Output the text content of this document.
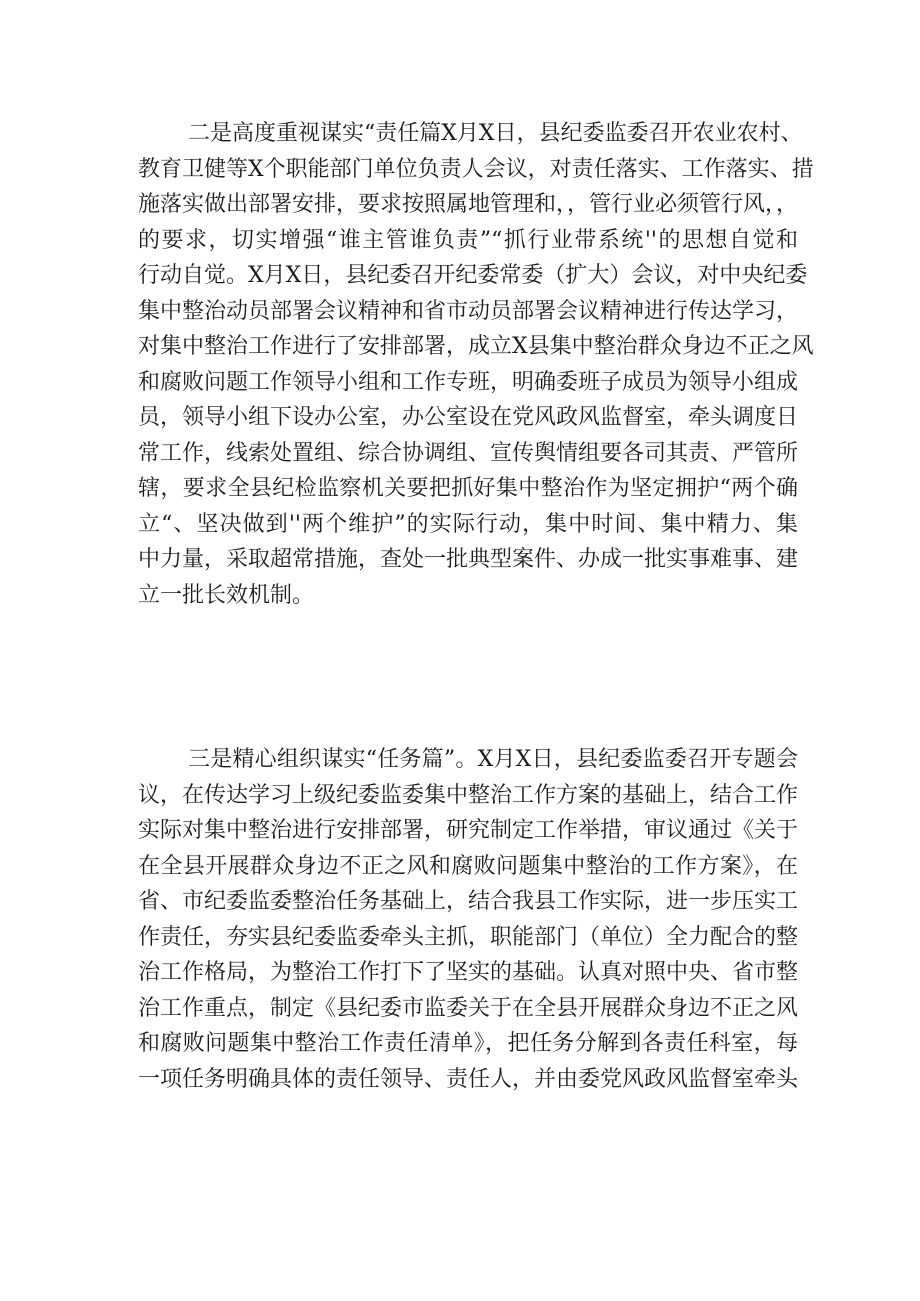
二是高度重视谋实“责任篇X月X日，县纪委监委召开农业农村、
教育卫健等X个职能部门单位负责人会议，对责任落实、工作落实、措
施落实做出部署安排，要求按照属地管理和，，管行业必须管行风，，
的要求，切实增强“谁主管谁负责”“抓行业带系统''的思想自觉和
行动自觉。X月X日，县纪委召开纪委常委（扩大）会议，对中央纪委
集中整治动员部署会议精神和省市动员部署会议精神进行传达学习，
对集中整治工作进行了安排部署，成立X县集中整治群众身边不正之风
和腐败问题工作领导小组和工作专班，明确委班子成员为领导小组成
员，领导小组下设办公室，办公室设在党风政风监督室，牵头调度日
常工作，线索处置组、综合协调组、宣传舆情组要各司其责、严管所
辖，要求全县纪检监察机关要把抓好集中整治作为坚定拥护“两个确
立“、坚决做到''两个维护”的实际行动，集中时间、集中精力、集
中力量，采取超常措施，查处一批典型案件、办成一批实事难事、建
立一批长效机制。
三是精心组织谋实“任务篇”。X月X日，县纪委监委召开专题会
议，在传达学习上级纪委监委集中整治工作方案的基础上，结合工作
实际对集中整治进行安排部署，研究制定工作举措，审议通过《关于
在全县开展群众身边不正之风和腐败问题集中整治的工作方案》，在
省、市纪委监委整治任务基础上，结合我县工作实际，进一步压实工
作责任，夯实县纪委监委牵头主抓，职能部门（单位）全力配合的整
治工作格局，为整治工作打下了坚实的基础。认真对照中央、省市整
治工作重点，制定《县纪委市监委关于在全县开展群众身边不正之风
和腐败问题集中整治工作责任清单》，把任务分解到各责任科室，每
一项任务明确具体的责任领导、责任人，并由委党风政风监督室牵头
